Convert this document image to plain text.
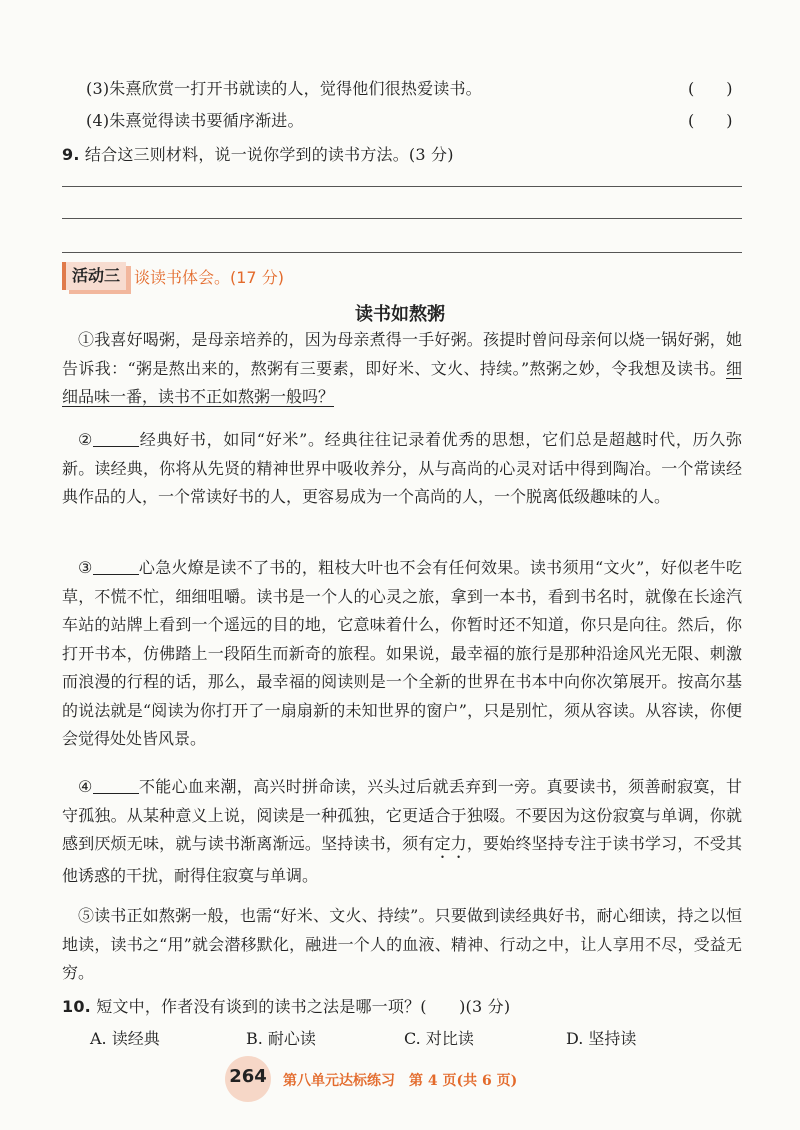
(3)朱熹欣赏一打开书就读的人，觉得他们很热爱读书。	(　　)
(4)朱熹觉得读书要循序渐进。	(　　)
9. 结合这三则材料，说一说你学到的读书方法。(3 分)
活动三 谈读书体会。(17 分)
读书如熬粥

①我喜好喝粥，是母亲培养的，因为母亲煮得一手好粥。孩提时曾问母亲何以烧一锅好粥，她告诉我：“粥是熬出来的，熬粥有三要素，即好米、文火、持续。”熬粥之妙，令我想及读书。细细品味一番，读书不正如熬粥一般吗？

②	经典好书，如同“好米”。经典往往记录着优秀的思想，它们总是超越时代，历久弥新。读经典，你将从先贤的精神世界中吸收养分，从与高尚的心灵对话中得到陶冶。一个常读经典作品的人，一个常读好书的人，更容易成为一个高尚的人，一个脱离低级趣味的人。

③	心急火燎是读不了书的，粗枝大叶也不会有任何效果。读书须用“文火”，好似老牛吃草，不慌不忙，细细咀嚼。读书是一个人的心灵之旅，拿到一本书，看到书名时，就像在长途汽车站的站牌上看到一个遥远的目的地，它意味着什么，你暂时还不知道，你只是向往。然后，你打开书本，仿佛踏上一段陌生而新奇的旅程。如果说，最幸福的旅行是那种沿途风光无限、刺激而浪漫的行程的话，那么，最幸福的阅读则是一个全新的世界在书本中向你次第展开。按高尔基的说法就是“阅读为你打开了一扇扇新的未知世界的窗户”，只是别忙，须从容读。从容读，你便会觉得处处皆风景。

④	不能心血来潮，高兴时拼命读，兴头过后就丢弃到一旁。真要读书，须善耐寂寞，甘守孤独。从某种意义上说，阅读是一种孤独，它更适合于独啜。不要因为这份寂寞与单调，你就感到厌烦无味，就与读书渐离渐远。坚持读书，须有定力，要始终坚持专注于读书学习，不受其他诱惑的干扰，耐得住寂寞与单调。

⑤读书正如熬粥一般，也需“好米、文火、持续”。只要做到读经典好书，耐心细读，持之以恒地读，读书之“用”就会潜移默化，融进一个人的血液、精神、行动之中，让人享用不尽，受益无穷。

10. 短文中，作者没有谈到的读书之法是哪一项？(　　)(3 分)
A. 读经典	B. 耐心读	C. 对比读	D. 坚持读
264	第八单元达标练习　第 4 页(共 6 页)
